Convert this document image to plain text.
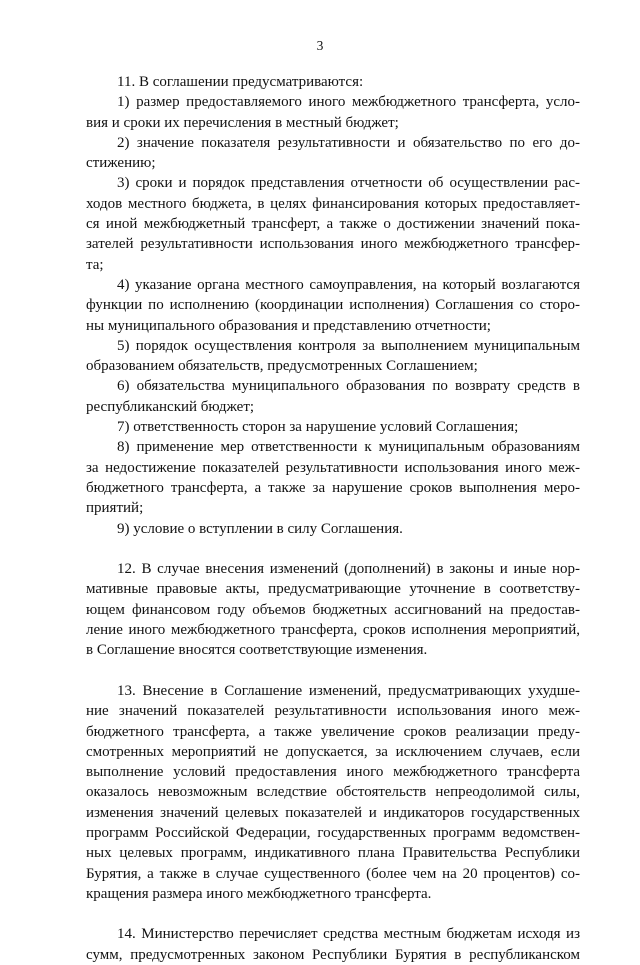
3
11. В соглашении предусматриваются:
1) размер предоставляемого иного межбюджетного трансферта, усло-
вия и сроки их перечисления в местный бюджет;
2) значение показателя результативности и обязательство по его до-
стижению;
3) сроки и порядок представления отчетности об осуществлении рас-
ходов местного бюджета, в целях финансирования которых предоставляет-
ся иной межбюджетный трансферт, а также о достижении значений пока-
зателей результативности использования иного межбюджетного трансфер-
та;
4) указание органа местного самоуправления, на который возлагаются
функции по исполнению (координации исполнения) Соглашения со сторо-
ны муниципального образования и представлению отчетности;
5) порядок осуществления контроля за выполнением муниципальным
образованием обязательств, предусмотренных Соглашением;
6) обязательства муниципального образования по возврату средств в
республиканский бюджет;
7) ответственность сторон за нарушение условий Соглашения;
8) применение мер ответственности к муниципальным образованиям
за недостижение показателей результативности использования иного меж-
бюджетного трансферта, а также за нарушение сроков выполнения меро-
приятий;
9) условие о вступлении в силу Соглашения.
12. В случае внесения изменений (дополнений) в законы и иные нор-
мативные правовые акты, предусматривающие уточнение в соответству-
ющем финансовом году объемов бюджетных ассигнований на предостав-
ление иного межбюджетного трансферта, сроков исполнения мероприятий,
в Соглашение вносятся соответствующие изменения.
13. Внесение в Соглашение изменений, предусматривающих ухудше-
ние значений показателей результативности использования иного меж-
бюджетного трансферта, а также увеличение сроков реализации преду-
смотренных мероприятий не допускается, за исключением случаев, если
выполнение условий предоставления иного межбюджетного трансферта
оказалось невозможным вследствие обстоятельств непреодолимой силы,
изменения значений целевых показателей и индикаторов государственных
программ Российской Федерации, государственных программ ведомствен-
ных целевых программ, индикативного плана Правительства Республики
Бурятия, а также в случае существенного (более чем на 20 процентов) со-
кращения размера иного межбюджетного трансферта.
14. Министерство перечисляет средства местным бюджетам исходя из
сумм, предусмотренных законом Республики Бурятия в республиканском
